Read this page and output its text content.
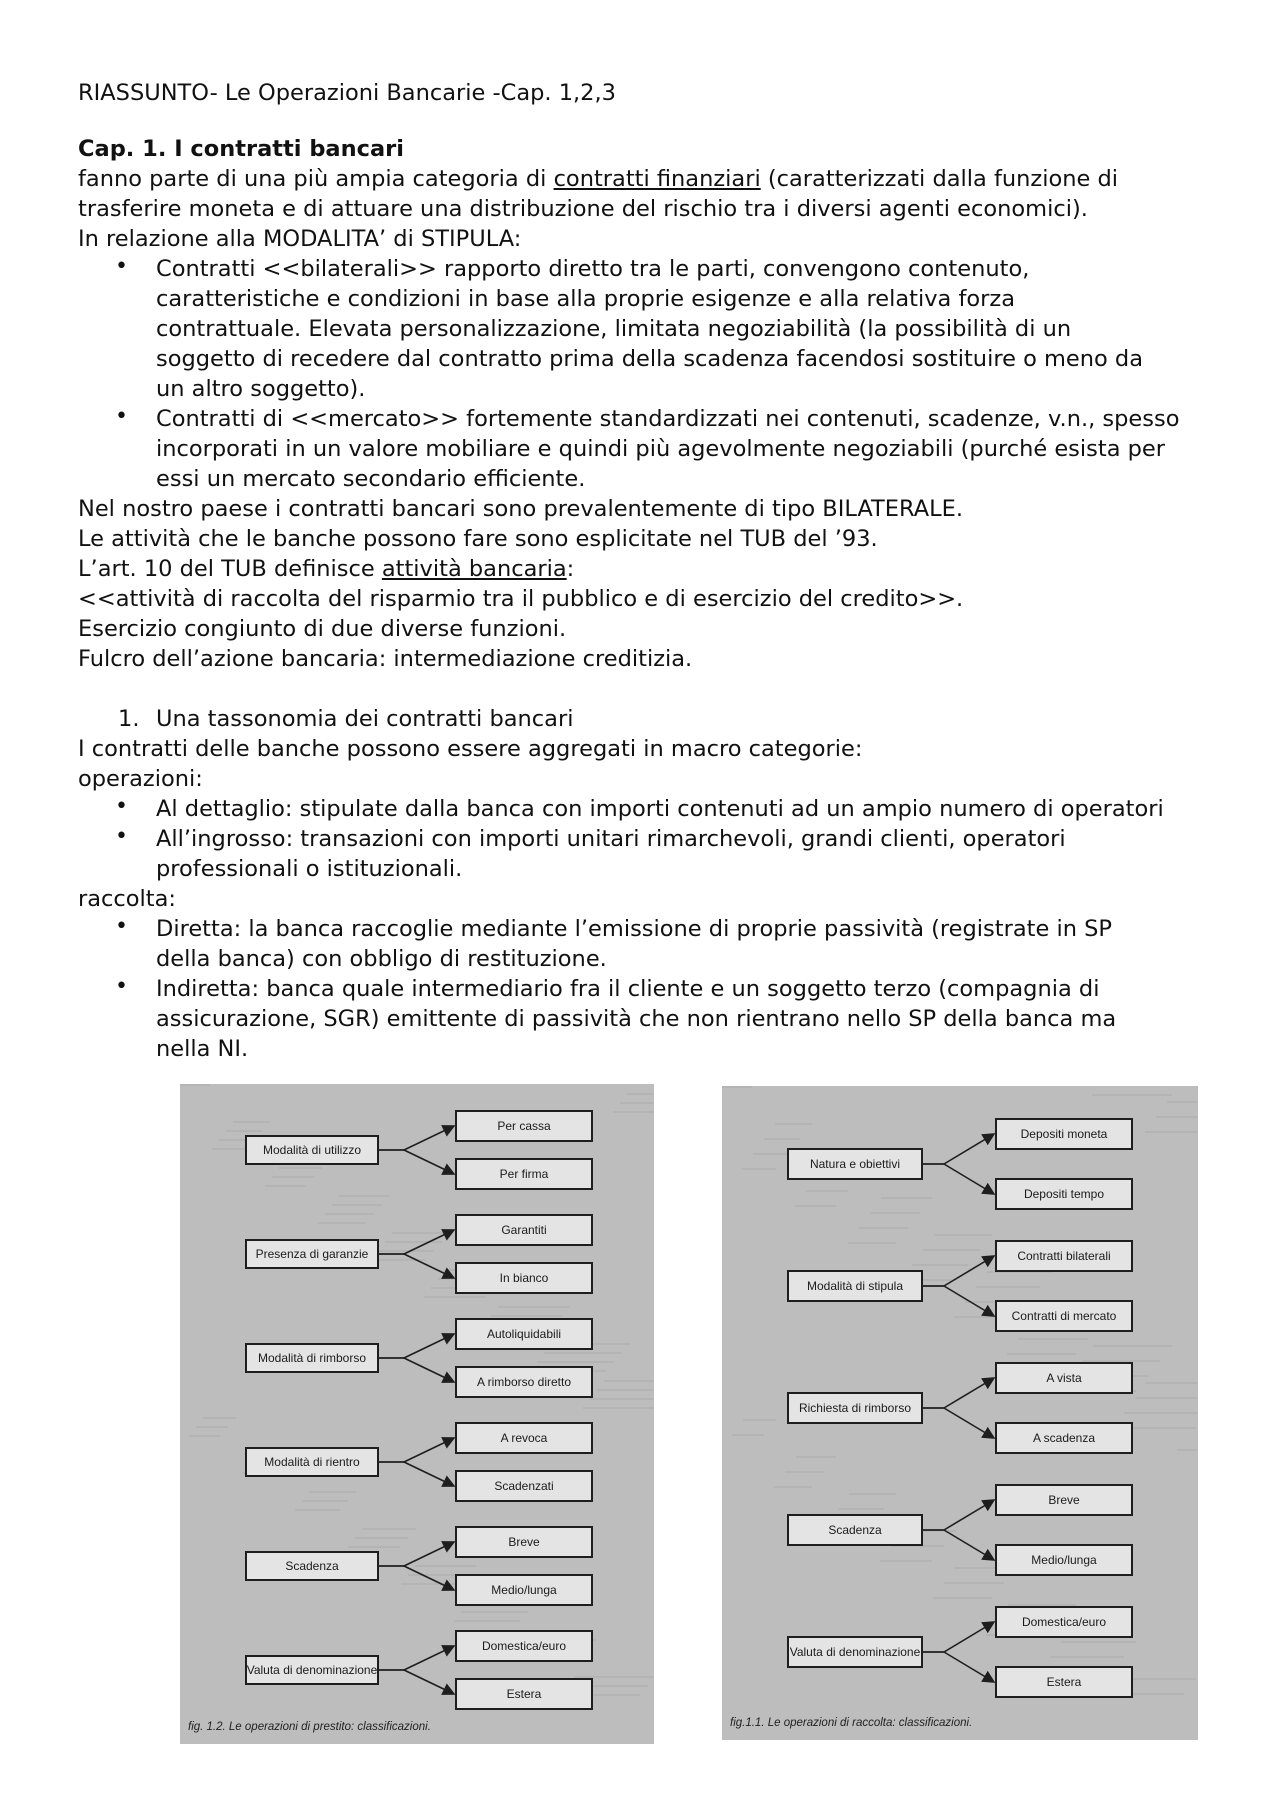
RIASSUNTO- Le Operazioni Bancarie -Cap. 1,2,3
Cap. 1. I contratti bancari
fanno parte di una più ampia categoria di contratti finanziari (caratterizzati dalla funzione di
trasferire moneta e di attuare una distribuzione del rischio tra i diversi agenti economici).
In relazione alla MODALITA’ di STIPULA:
• Contratti <<bilaterali>> rapporto diretto tra le parti, convengono contenuto,
caratteristiche e condizioni in base alla proprie esigenze e alla relativa forza
contrattuale. Elevata personalizzazione, limitata negoziabilità (la possibilità di un
soggetto di recedere dal contratto prima della scadenza facendosi sostituire o meno da
un altro soggetto).
• Contratti di <<mercato>> fortemente standardizzati nei contenuti, scadenze, v.n., spesso
incorporati in un valore mobiliare e quindi più agevolmente negoziabili (purché esista per
essi un mercato secondario efficiente.
Nel nostro paese i contratti bancari sono prevalentemente di tipo BILATERALE.
Le attività che le banche possono fare sono esplicitate nel TUB del ’93.
L’art. 10 del TUB definisce attività bancaria:
<<attività di raccolta del risparmio tra il pubblico e di esercizio del credito>>.
Esercizio congiunto di due diverse funzioni.
Fulcro dell’azione bancaria: intermediazione creditizia.
1. Una tassonomia dei contratti bancari
I contratti delle banche possono essere aggregati in macro categorie:
operazioni:
• Al dettaglio: stipulate dalla banca con importi contenuti ad un ampio numero di operatori
• All’ingrosso: transazioni con importi unitari rimarchevoli, grandi clienti, operatori
professionali o istituzionali.
raccolta:
• Diretta: la banca raccoglie mediante l’emissione di proprie passività (registrate in SP
della banca) con obbligo di restituzione.
• Indiretta: banca quale intermediario fra il cliente e un soggetto terzo (compagnia di
assicurazione, SGR) emittente di passività che non rientrano nello SP della banca ma
nella NI.
Modalità di utilizzo
Per cassa
Per firma
Presenza di garanzie
Garantiti
In bianco
Modalità di rimborso
Autoliquidabili
A rimborso diretto
Modalità di rientro
A revoca
Scadenzati
Scadenza
Breve
Medio/lunga
Valuta di denominazione
Domestica/euro
Estera
fig. 1.2. Le operazioni di prestito: classificazioni.
Natura e obiettivi
Depositi moneta
Depositi tempo
Modalità di stipula
Contratti bilaterali
Contratti di mercato
Richiesta di rimborso
A vista
A scadenza
Scadenza
Breve
Medio/lunga
Valuta di denominazione
Domestica/euro
Estera
fig.1.1. Le operazioni di raccolta: classificazioni.
